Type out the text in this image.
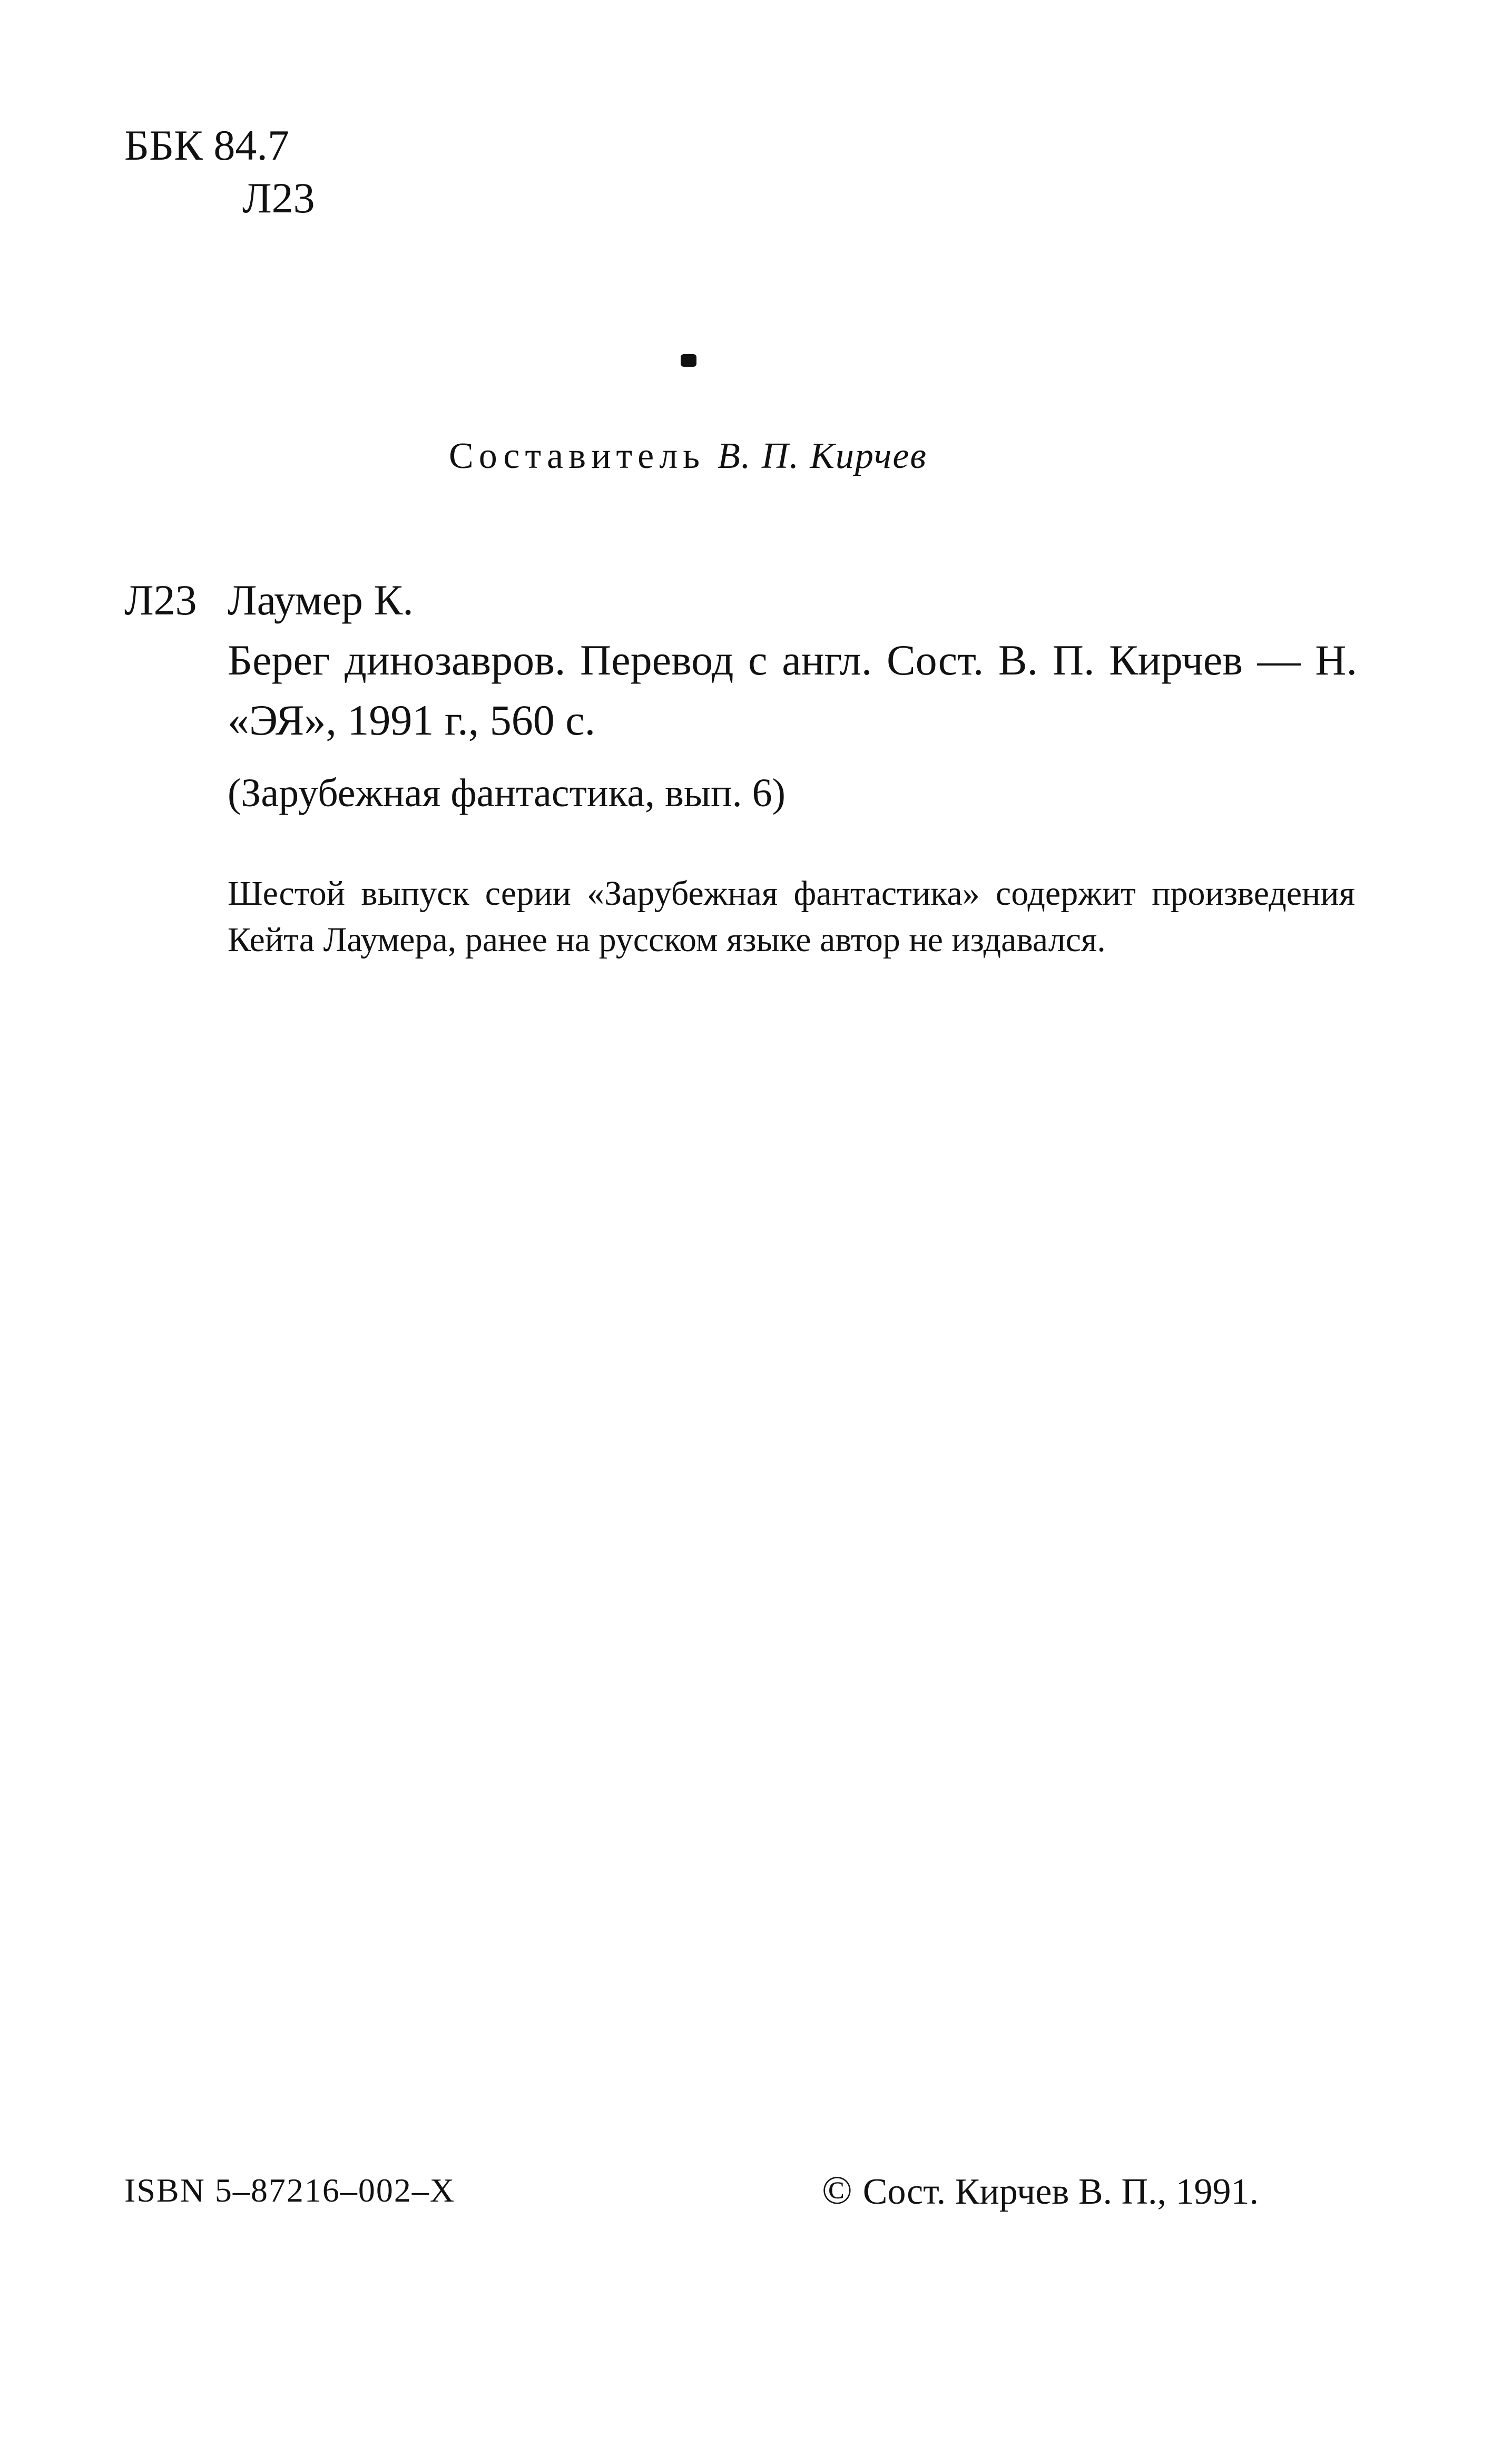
ББК 84.7
Л23
Составитель В. П. Кирчев
Л23 Лаумер К.
Берег динозавров. Перевод с англ. Сост. В. П. Кирчев — Н. «ЭЯ», 1991 г., 560 с.
(Зарубежная фантастика, вып. 6)
Шестой выпуск серии «Зарубежная фантастика» содержит произведения Кейта Лаумера, ранее на русском языке автор не издавался.
ISBN 5–87216–002–X	© Сост. Кирчев В. П., 1991.
